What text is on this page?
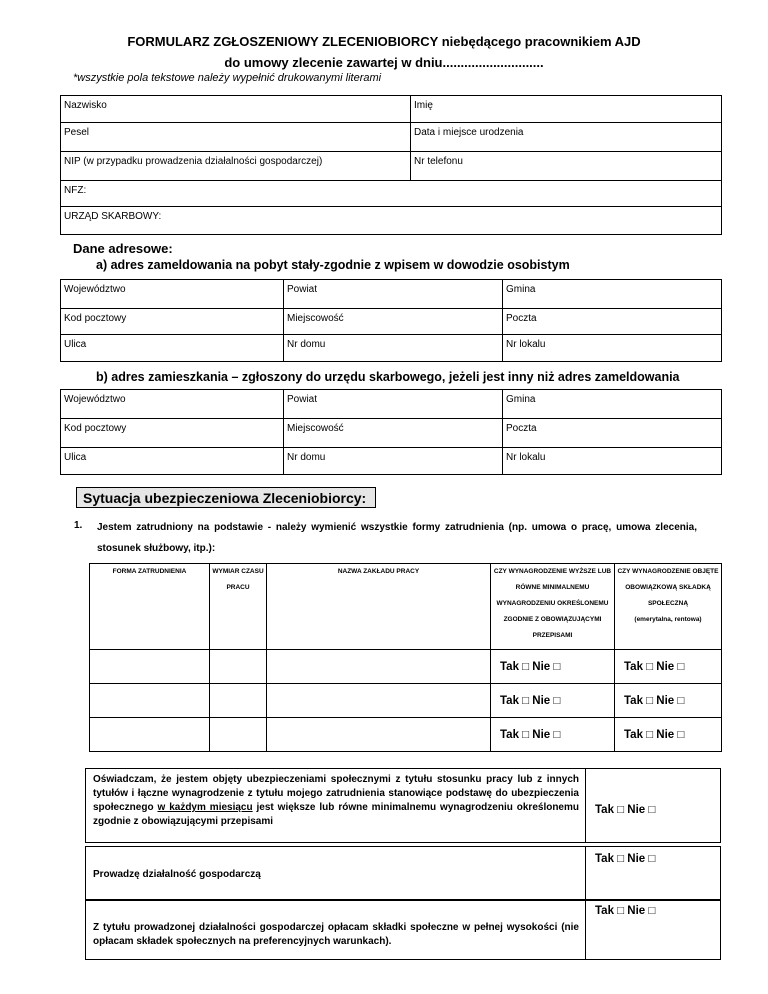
FORMULARZ ZGŁOSZENIOWY ZLECENIOBIORCY niebędącego pracownikiem AJD
do umowy zlecenie zawartej w dniu............................
*wszystkie pola tekstowe należy wypełnić drukowanymi literami
Nazwisko	Imię
Pesel	Data i miejsce urodzenia
NIP (w przypadku prowadzenia działalności gospodarczej)	Nr telefonu
NFZ:	
URZĄD SKARBOWY:	
Dane adresowe:
a) adres zameldowania na pobyt stały-zgodnie z wpisem w dowodzie osobistym
Województwo	Powiat	Gmina
Kod pocztowy	Miejscowość	Poczta
Ulica	Nr domu	Nr lokalu
b) adres zamieszkania – zgłoszony do urzędu skarbowego, jeżeli jest inny niż adres zameldowania
Województwo	Powiat	Gmina
Kod pocztowy	Miejscowość	Poczta
Ulica	Nr domu	Nr lokalu
Sytuacja ubezpieczeniowa Zleceniobiorcy:
1. Jestem zatrudniony na podstawie - należy wymienić wszystkie formy zatrudnienia (np. umowa o pracę, umowa zlecenia, stosunek służbowy, itp.):
FORMA ZATRUDNIENIA	WYMIAR CZASU PRACU	NAZWA ZAKŁADU PRACY	CZY WYNAGRODZENIE WYŻSZE LUB RÓWNE MINIMALNEMU WYNAGRODZENIU OKREŚLONEMU ZGODNIE Z OBOWIĄZUJĄCYMI PRZEPISAMI	CZY WYNAGRODZENIE OBJĘTE OBOWIĄZKOWĄ SKŁADKĄ SPOŁECZNĄ
(emerytalna, rentowa)
			Tak □ Nie □	Tak □ Nie □
			Tak □ Nie □	Tak □ Nie □
			Tak □ Nie □	Tak □ Nie □
Oświadczam, że jestem objęty ubezpieczeniami społecznymi z tytułu stosunku pracy lub z innych tytułów i łączne wynagrodzenie z tytułu mojego zatrudnienia stanowiące podstawę do ubezpieczenia społecznego w każdym miesiącu jest większe lub równe minimalnemu wynagrodzeniu określonemu zgodnie z obowiązującymi przepisami
Tak □ Nie □
Prowadzę działalność gospodarczą
Tak □ Nie □
Z tytułu prowadzonej działalności gospodarczej opłacam składki społeczne w pełnej wysokości (nie opłacam składek społecznych na preferencyjnych warunkach).
Tak □ Nie □
